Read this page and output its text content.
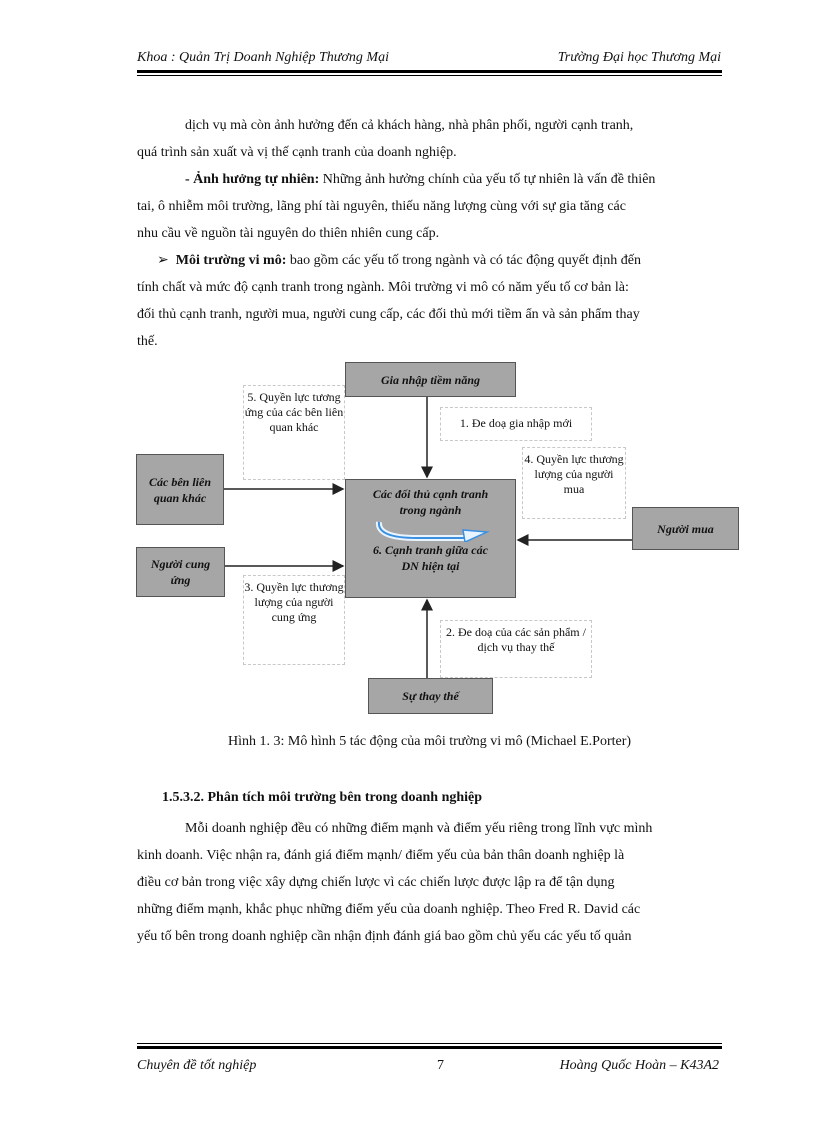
Khoa : Quản Trị Doanh Nghiệp Thương Mại	Trường Đại học Thương Mại
dịch vụ mà còn ảnh hưởng đến cả khách hàng, nhà phân phối, người cạnh tranh,
quá trình sản xuất và vị thế cạnh tranh của doanh nghiệp.
- Ảnh hưởng tự nhiên: Những ảnh hưởng chính của yếu tố tự nhiên là vấn đề thiên
tai, ô nhiễm môi trường, lãng phí tài nguyên, thiếu năng lượng cùng với sự gia tăng các
nhu cầu về nguồn tài nguyên do thiên nhiên cung cấp.
➢ Môi trường vi mô: bao gồm các yếu tố trong ngành và có tác động quyết định đến
tính chất và mức độ cạnh tranh trong ngành. Môi trường vi mô có năm yếu tố cơ bản là:
đối thủ cạnh tranh, người mua, người cung cấp, các đối thủ mới tiềm ẩn và sản phẩm thay
thế.
5. Quyền lực tương ứng của các bên liên quan khác	1. Đe doạ gia nhập mới
4. Quyền lực thương lượng của người mua
3. Quyền lực thương lượng của người cung ứng
2. Đe doạ của các sản phẩm / dịch vụ thay thế
Gia nhập tiềm năng
Các bên liên quan khác
Người cung ứng
Người mua
Sự thay thế
Các đối thủ cạnh tranh trong ngành
6. Cạnh tranh giữa các DN hiện tại
Hình 1. 3: Mô hình 5 tác động của môi trường vi mô (Michael E.Porter)
1.5.3.2. Phân tích môi trường bên trong doanh nghiệp
Mỗi doanh nghiệp đều có những điểm mạnh và điểm yếu riêng trong lĩnh vực mình
kinh doanh. Việc nhận ra, đánh giá điểm mạnh/ điểm yếu của bản thân doanh nghiệp là
điều cơ bản trong việc xây dựng chiến lược vì các chiến lược được lập ra để tận dụng
những điểm mạnh, khắc phục những điểm yếu của doanh nghiệp. Theo Fred R. David các
yếu tố bên trong doanh nghiệp cần nhận định đánh giá bao gồm chủ yếu các yếu tố quản
Chuyên đề tốt nghiệp	7	Hoàng Quốc Hoàn – K43A2
